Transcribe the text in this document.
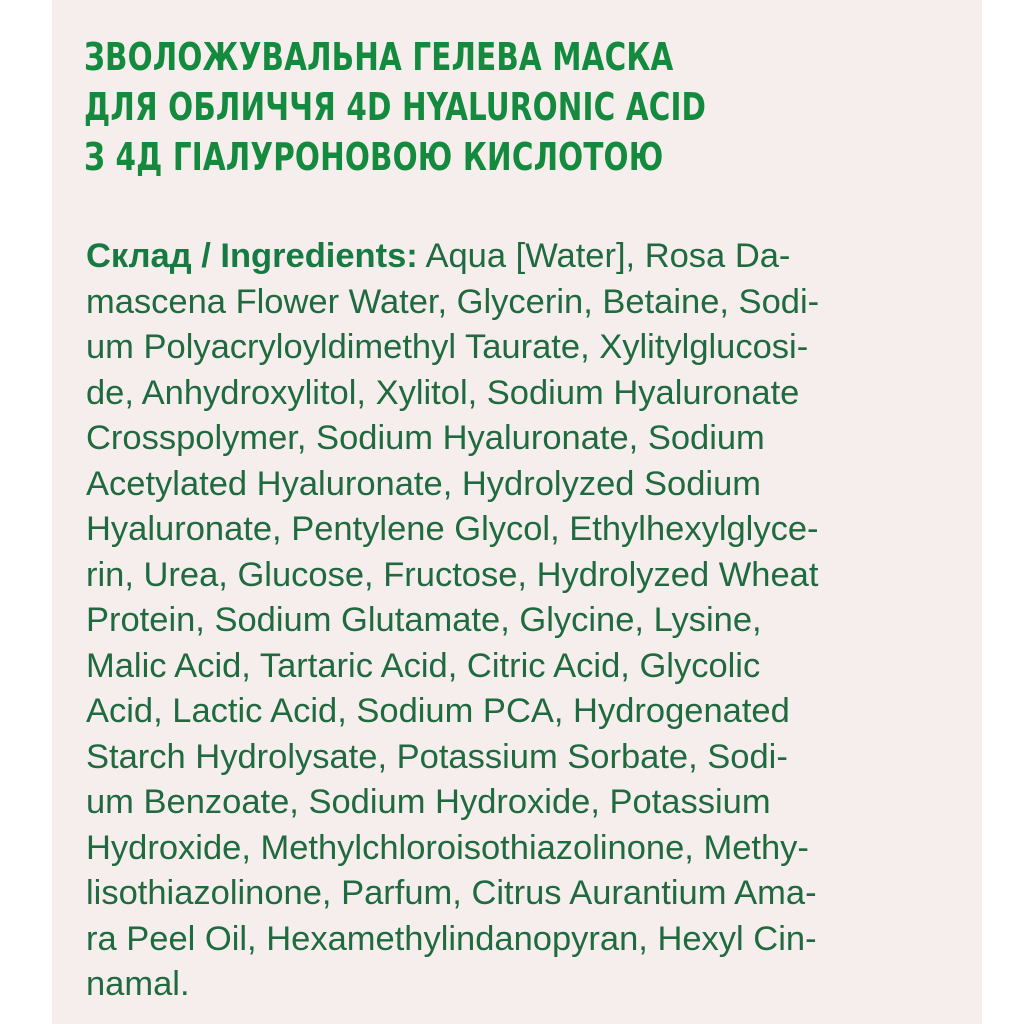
ЗВОЛОЖУВАЛЬНА ГЕЛЕВА МАСКА
ДЛЯ ОБЛИЧЧЯ 4D HYALURONIC ACID
З 4Д ГІАЛУРОНОВОЮ КИСЛОТОЮ
Склад / Ingredients: Aqua [Water], Rosa Da-
mascena Flower Water, Glycerin, Betaine, Sodi-
um Polyacryloyldimethyl Taurate, Xylitylglucosi-
de, Anhydroxylitol, Xylitol, Sodium Hyaluronate
Crosspolymer, Sodium Hyaluronate, Sodium
Acetylated Hyaluronate, Hydrolyzed Sodium
Hyaluronate, Pentylene Glycol, Ethylhexylglyce-
rin, Urea, Glucose, Fructose, Hydrolyzed Wheat
Protein, Sodium Glutamate, Glycine, Lysine,
Malic Acid, Tartaric Acid, Citric Acid, Glycolic
Acid, Lactic Acid, Sodium PCA, Hydrogenated
Starch Hydrolysate, Potassium Sorbate, Sodi-
um Benzoate, Sodium Hydroxide, Potassium
Hydroxide, Methylchloroisothiazolinone, Methy-
lisothiazolinone, Parfum, Citrus Aurantium Ama-
ra Peel Oil, Hexamethylindanopyran, Hexyl Cin-
namal.
